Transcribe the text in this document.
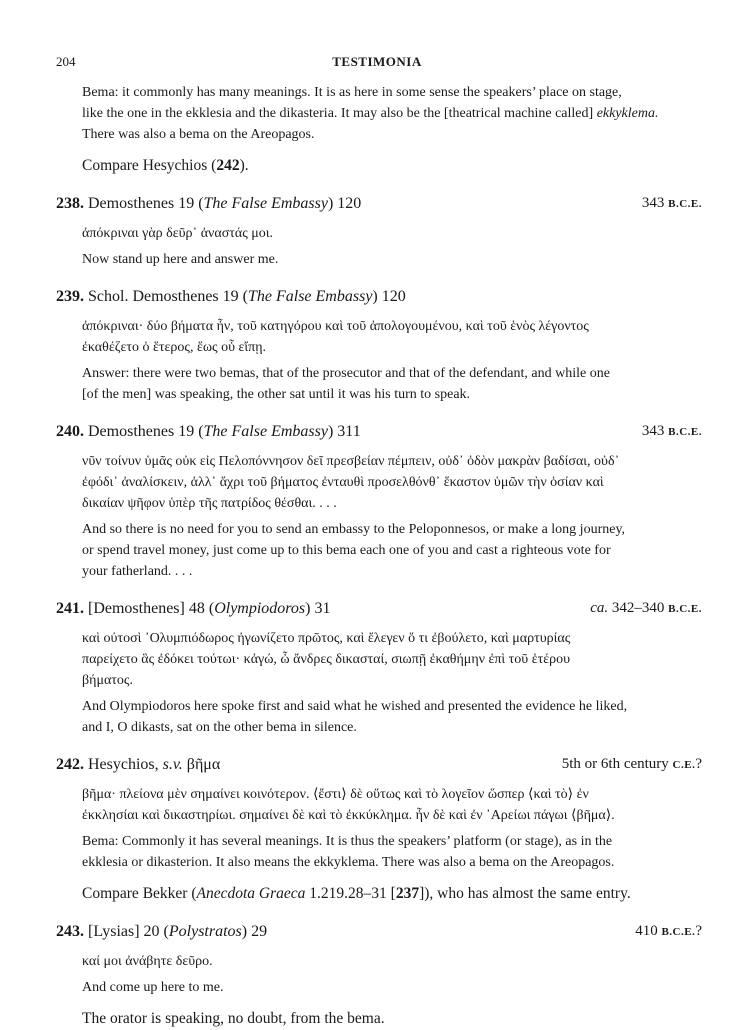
204	TESTIMONIA

Bema: it commonly has many meanings. It is as here in some sense the speakers’ place on stage,

like the one in the ekklesia and the dikasteria. It may also be the [theatrical machine called] ekkyklema.

There was also a bema on the Areopagos.

Compare Hesychios (242).

238. Demosthenes 19 (The False Embassy) 120	343 B.C.E.

ἀπόκριναι γὰρ δεῦρ᾿ ἀναστάς μοι.

Now stand up here and answer me.

239. Schol. Demosthenes 19 (The False Embassy) 120

ἀπόκριναι· δύο βήματα ἦν, τοῦ κατηγόρου καὶ τοῦ ἀπολογουμένου, καὶ τοῦ ἑνὸς λέγοντος

ἐκαθέζετο ὁ ἕτερος, ἕως οὗ εἴπῃ.

Answer: there were two bemas, that of the prosecutor and that of the defendant, and while one

[of the men] was speaking, the other sat until it was his turn to speak.

240. Demosthenes 19 (The False Embassy) 311	343 B.C.E.

νῦν τοίνυν ὑμᾶς οὐκ εἰς Πελοπόννησον δεῖ πρεσβείαν πέμπειν, οὐδ᾿ ὁδὸν μακρὰν βαδίσαι, οὐδ᾿

ἐφόδι᾿ ἀναλίσκειν, ἀλλ᾿ ἄχρι τοῦ βήματος ἐνταυθὶ προσελθόνθ᾿ ἕκαστον ὑμῶν τὴν ὁσίαν καὶ

δικαίαν ψῆφον ὑπὲρ τῆς πατρίδος θέσθαι. . . .

And so there is no need for you to send an embassy to the Peloponnesos, or make a long journey,

or spend travel money, just come up to this bema each one of you and cast a righteous vote for

your fatherland. . . .

241. [Demosthenes] 48 (Olympiodoros) 31	ca. 342–340 B.C.E.

καὶ ούτοσὶ ᾿Ολυμπιόδωρος ἠγωνίζετο πρῶτος, καὶ ἔλεγεν ὅ τι ἐβούλετο, καὶ μαρτυρίας

παρείχετο ἃς ἐδόκει τούτωι· κἀγώ, ὦ ἄνδρες δικασταί, σιωπῇ ἐκαθήμην ἐπὶ τοῦ ἑτέρου

βήματος.

And Olympiodoros here spoke first and said what he wished and presented the evidence he liked,

and I, O dikasts, sat on the other bema in silence.

242. Hesychios, s.v. βῆμα	5th or 6th century C.E.?

βῆμα· πλείονα μὲν σημαίνει κοινότερον. ⟨ἔστι⟩ δὲ οὕτως καὶ τὸ λογεῖον ὥσπερ ⟨καὶ τὸ⟩ ἐν

ἐκκλησίαι καὶ δικαστηρίωι. σημαίνει δὲ καὶ τὸ ἐκκύκλημα. ἦν δὲ καὶ ἐν ᾿Αρείωι πάγωι ⟨βῆμα⟩.

Bema: Commonly it has several meanings. It is thus the speakers’ platform (or stage), as in the

ekklesia or dikasterion. It also means the ekkyklema. There was also a bema on the Areopagos.

Compare Bekker (Anecdota Graeca 1.219.28–31 [237]), who has almost the same entry.

243. [Lysias] 20 (Polystratos) 29	410 B.C.E.?

καί μοι ἀνάβητε δεῦρο.

And come up here to me.

The orator is speaking, no doubt, from the bema.
